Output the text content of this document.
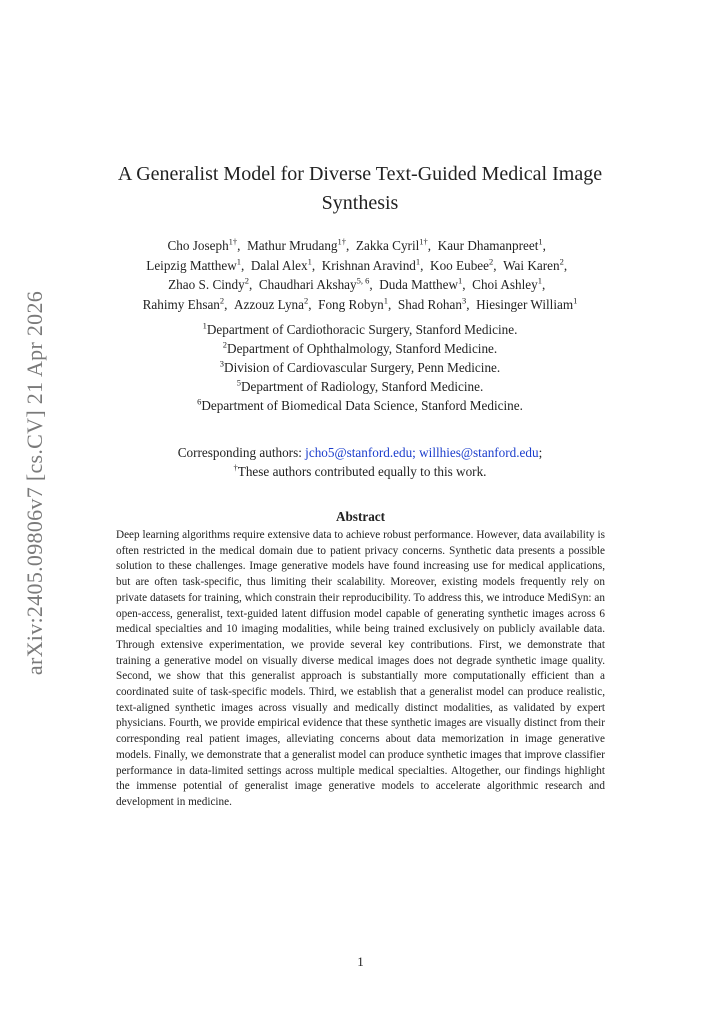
arXiv:2405.09806v7 [cs.CV] 21 Apr 2026
A Generalist Model for Diverse Text-Guided Medical Image
Synthesis
Cho Joseph$^{1\dagger}$,  Mathur Mrudang$^{1\dagger}$,  Zakka Cyril$^{1\dagger}$,  Kaur Dhamanpreet$^1$,
Leipzig Matthew$^1$,  Dalal Alex$^1$,  Krishnan Aravind$^1$,  Koo Eubee$^2$,  Wai Karen$^2$,
Zhao S. Cindy$^2$,  Chaudhari Akshay$^{5, 6}$,  Duda Matthew$^1$,  Choi Ashley$^1$,
Rahimy Ehsan$^2$,  Azzouz Lyna$^2$,  Fong Robyn$^1$,  Shad Rohan$^3$,  Hiesinger William$^1$
$^1$Department of Cardiothoracic Surgery, Stanford Medicine.
$^2$Department of Ophthalmology, Stanford Medicine.
$^3$Division of Cardiovascular Surgery, Penn Medicine.
$^5$Department of Radiology, Stanford Medicine.
$^6$Department of Biomedical Data Science, Stanford Medicine.
Corresponding authors: jcho5@stanford.edu; willhies@stanford.edu;
†These authors contributed equally to this work.
Abstract
Deep learning algorithms require extensive data to achieve robust performance. However, data availability is often restricted in the medical domain due to patient privacy concerns. Synthetic data presents a possible solution to these challenges. Image generative models have found increasing use for medical applications, but are often task-specific, thus limiting their scalability. Moreover, existing models frequently rely on private datasets for training, which constrain their reproducibility. To address this, we introduce MediSyn: an open-access, generalist, text-guided latent diffusion model capable of generating synthetic images across 6 medical specialties and 10 imaging modalities, while being trained exclusively on publicly available data. Through extensive experimentation, we provide several key contributions. First, we demonstrate that training a generative model on visually diverse medical images does not degrade synthetic image quality. Second, we show that this generalist approach is substantially more computationally efficient than a coordinated suite of task-specific models. Third, we establish that a generalist model can produce realistic, text-aligned synthetic images across visually and medically distinct modalities, as validated by expert physicians. Fourth, we provide empirical evidence that these synthetic images are visually distinct from their corresponding real patient images, alleviating concerns about data memorization in image generative models. Finally, we demonstrate that a generalist model can produce synthetic images that improve classifier performance in data-limited settings across multiple medical specialties. Altogether, our findings highlight the immense potential of generalist image generative models to accelerate algorithmic research and development in medicine.
1
